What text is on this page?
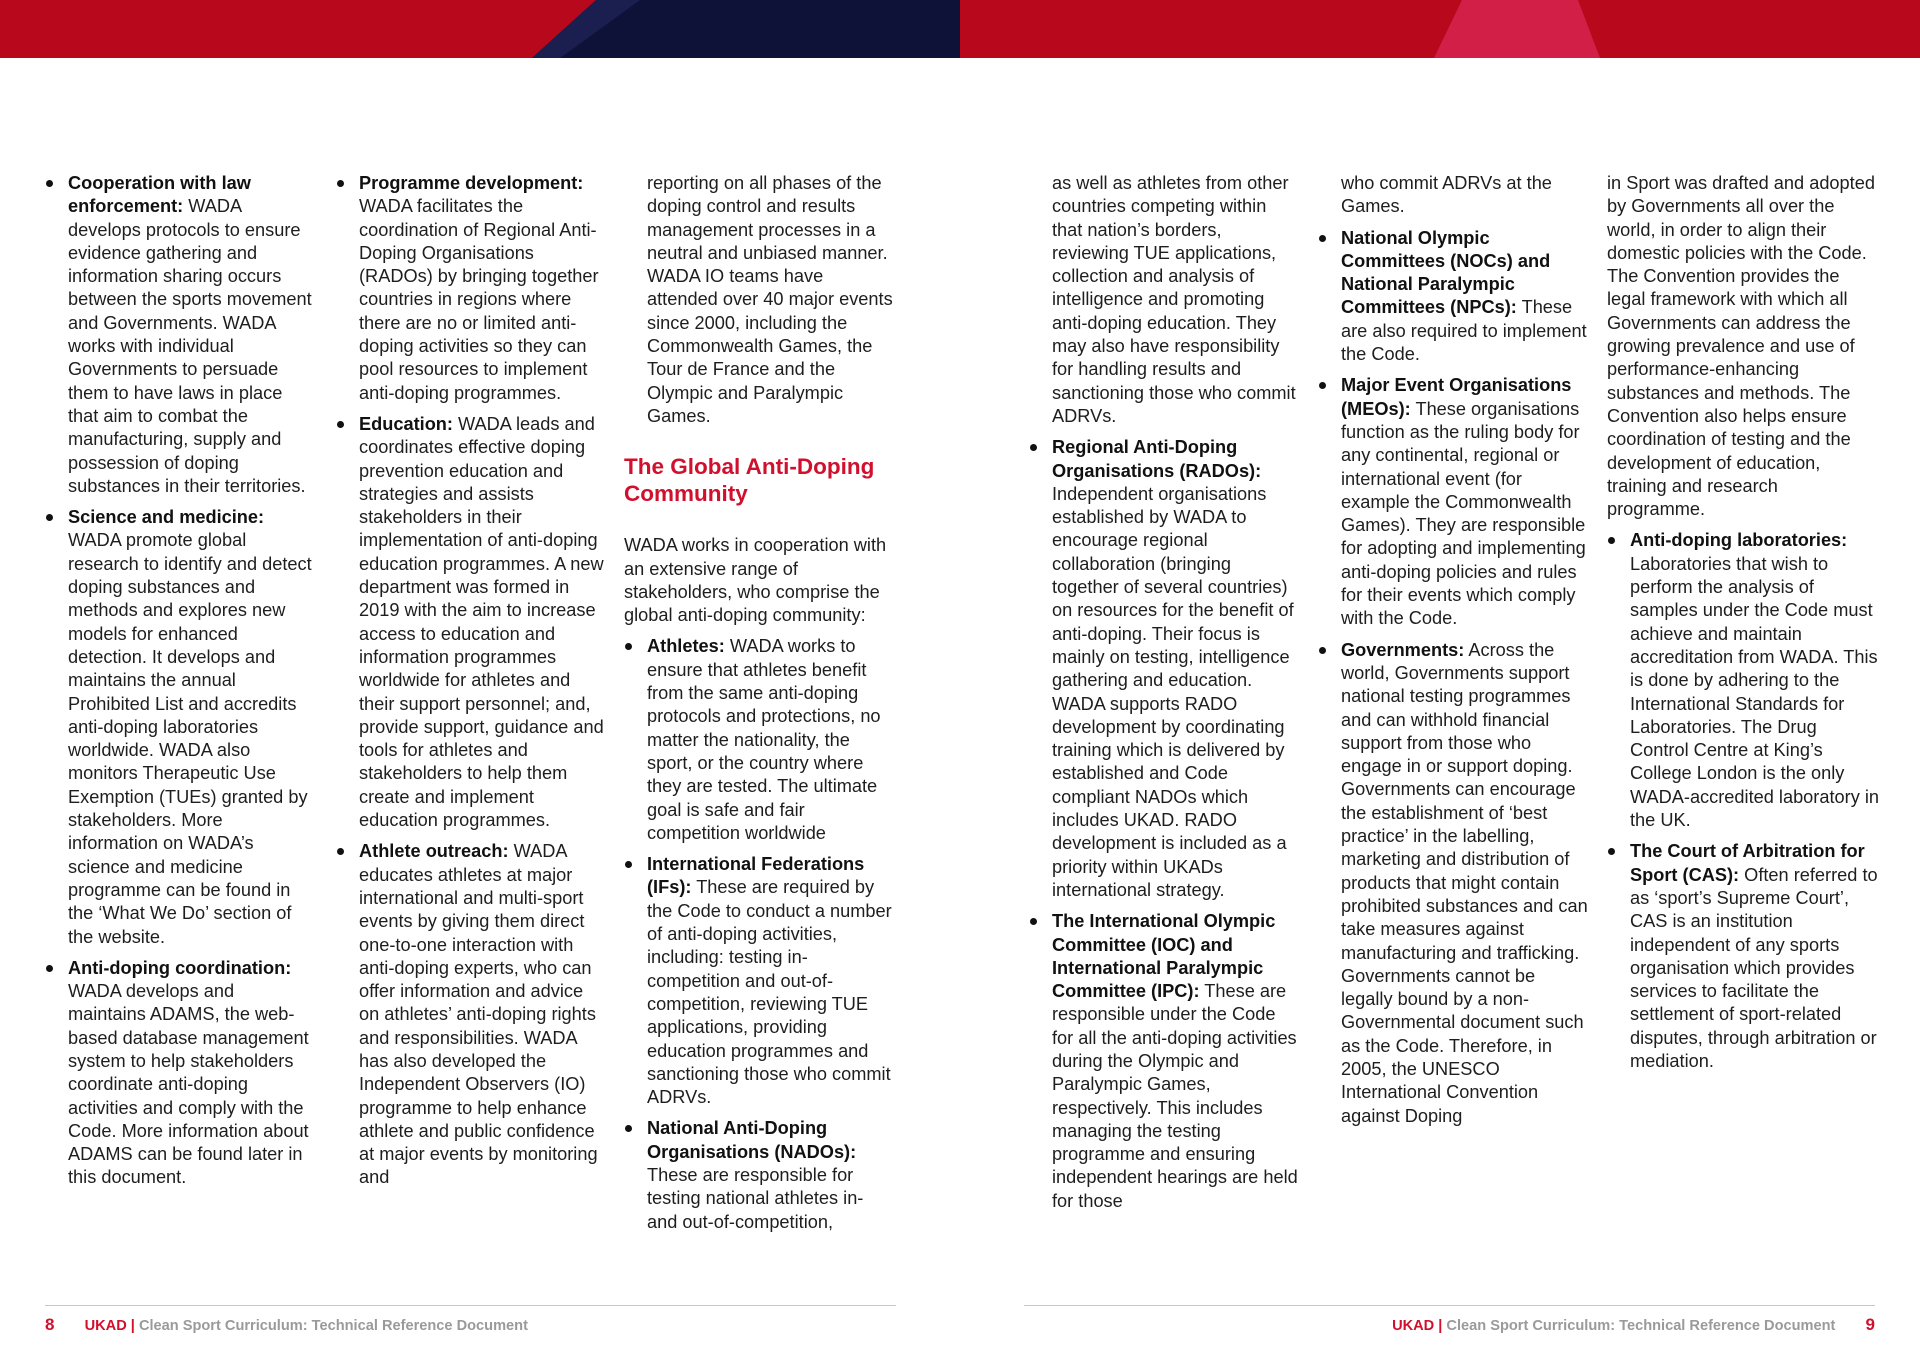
Cooperation with law enforcement: WADA develops protocols to ensure evidence gathering and information sharing occurs between the sports movement and Governments. WADA works with individual Governments to persuade them to have laws in place that aim to combat the manufacturing, supply and possession of doping substances in their territories.
Science and medicine: WADA promote global research to identify and detect doping substances and methods and explores new models for enhanced detection. It develops and maintains the annual Prohibited List and accredits anti-doping laboratories worldwide. WADA also monitors Therapeutic Use Exemption (TUEs) granted by stakeholders. More information on WADA’s science and medicine programme can be found in the ‘What We Do’ section of the website.
Anti-doping coordination: WADA develops and maintains ADAMS, the web-based database management system to help stakeholders coordinate anti-doping activities and comply with the Code. More information about ADAMS can be found later in this document.
Programme development: WADA facilitates the coordination of Regional Anti-Doping Organisations (RADOs) by bringing together countries in regions where there are no or limited anti-doping activities so they can pool resources to implement anti-doping programmes.
Education: WADA leads and coordinates effective doping prevention education and strategies and assists stakeholders in their implementation of anti-doping education programmes. A new department was formed in 2019 with the aim to increase access to education and information programmes worldwide for athletes and their support personnel; and, provide support, guidance and tools for athletes and stakeholders to help them create and implement education programmes.
Athlete outreach: WADA educates athletes at major international and multi-sport events by giving them direct one-to-one interaction with anti-doping experts, who can offer information and advice on athletes’ anti-doping rights and responsibilities. WADA has also developed the Independent Observers (IO) programme to help enhance athlete and public confidence at major events by monitoring and
reporting on all phases of the doping control and results management processes in a neutral and unbiased manner. WADA IO teams have attended over 40 major events since 2000, including the Commonwealth Games, the Tour de France and the Olympic and Paralympic Games.
The Global Anti-Doping Community

WADA works in cooperation with an extensive range of stakeholders, who comprise the global anti-doping community:

Athletes: WADA works to ensure that athletes benefit from the same anti-doping protocols and protections, no matter the nationality, the sport, or the country where they are tested. The ultimate goal is safe and fair competition worldwide
International Federations (IFs): These are required by the Code to conduct a number of anti-doping activities, including: testing in-competition and out-of-competition, reviewing TUE applications, providing education programmes and sanctioning those who commit ADRVs.
National Anti-Doping Organisations (NADOs): These are responsible for testing national athletes in- and out-of-competition,
as well as athletes from other countries competing within that nation’s borders, reviewing TUE applications, collection and analysis of intelligence and promoting anti-doping education. They may also have responsibility for handling results and sanctioning those who commit ADRVs.
Regional Anti-Doping Organisations (RADOs): Independent organisations established by WADA to encourage regional collaboration (bringing together of several countries) on resources for the benefit of anti-doping. Their focus is mainly on testing, intelligence gathering and education. WADA supports RADO development by coordinating training which is delivered by established and Code compliant NADOs which includes UKAD. RADO development is included as a priority within UKADs international strategy.
The International Olympic Committee (IOC) and International Paralympic Committee (IPC): These are responsible under the Code for all the anti-doping activities during the Olympic and Paralympic Games, respectively. This includes managing the testing programme and ensuring independent hearings are held for those
who commit ADRVs at the Games.
National Olympic Committees (NOCs) and National Paralympic Committees (NPCs): These are also required to implement the Code.
Major Event Organisations (MEOs): These organisations function as the ruling body for any continental, regional or international event (for example the Commonwealth Games). They are responsible for adopting and implementing anti-doping policies and rules for their events which comply with the Code.
Governments: Across the world, Governments support national testing programmes and can withhold financial support from those who engage in or support doping. Governments can encourage the establishment of ‘best practice’ in the labelling, marketing and distribution of products that might contain prohibited substances and can take measures against manufacturing and trafficking. Governments cannot be legally bound by a non-Governmental document such as the Code. Therefore, in 2005, the UNESCO International Convention against Doping

in Sport was drafted and adopted by Governments all over the world, in order to align their domestic policies with the Code. The Convention provides the legal framework with which all Governments can address the growing prevalence and use of performance-enhancing substances and methods. The Convention also helps ensure coordination of testing and the development of education, training and research programme.

Anti-doping laboratories: Laboratories that wish to perform the analysis of samples under the Code must achieve and maintain accreditation from WADA. This is done by adhering to the International Standards for Laboratories. The Drug Control Centre at King’s College London is the only WADA-accredited laboratory in the UK.
The Court of Arbitration for Sport (CAS): Often referred to as ‘sport’s Supreme Court’, CAS is an institution independent of any sports organisation which provides services to facilitate the settlement of sport-related disputes, through arbitration or mediation.
8 UKAD | Clean Sport Curriculum: Technical Reference Document	UKAD | Clean Sport Curriculum: Technical Reference Document 9
